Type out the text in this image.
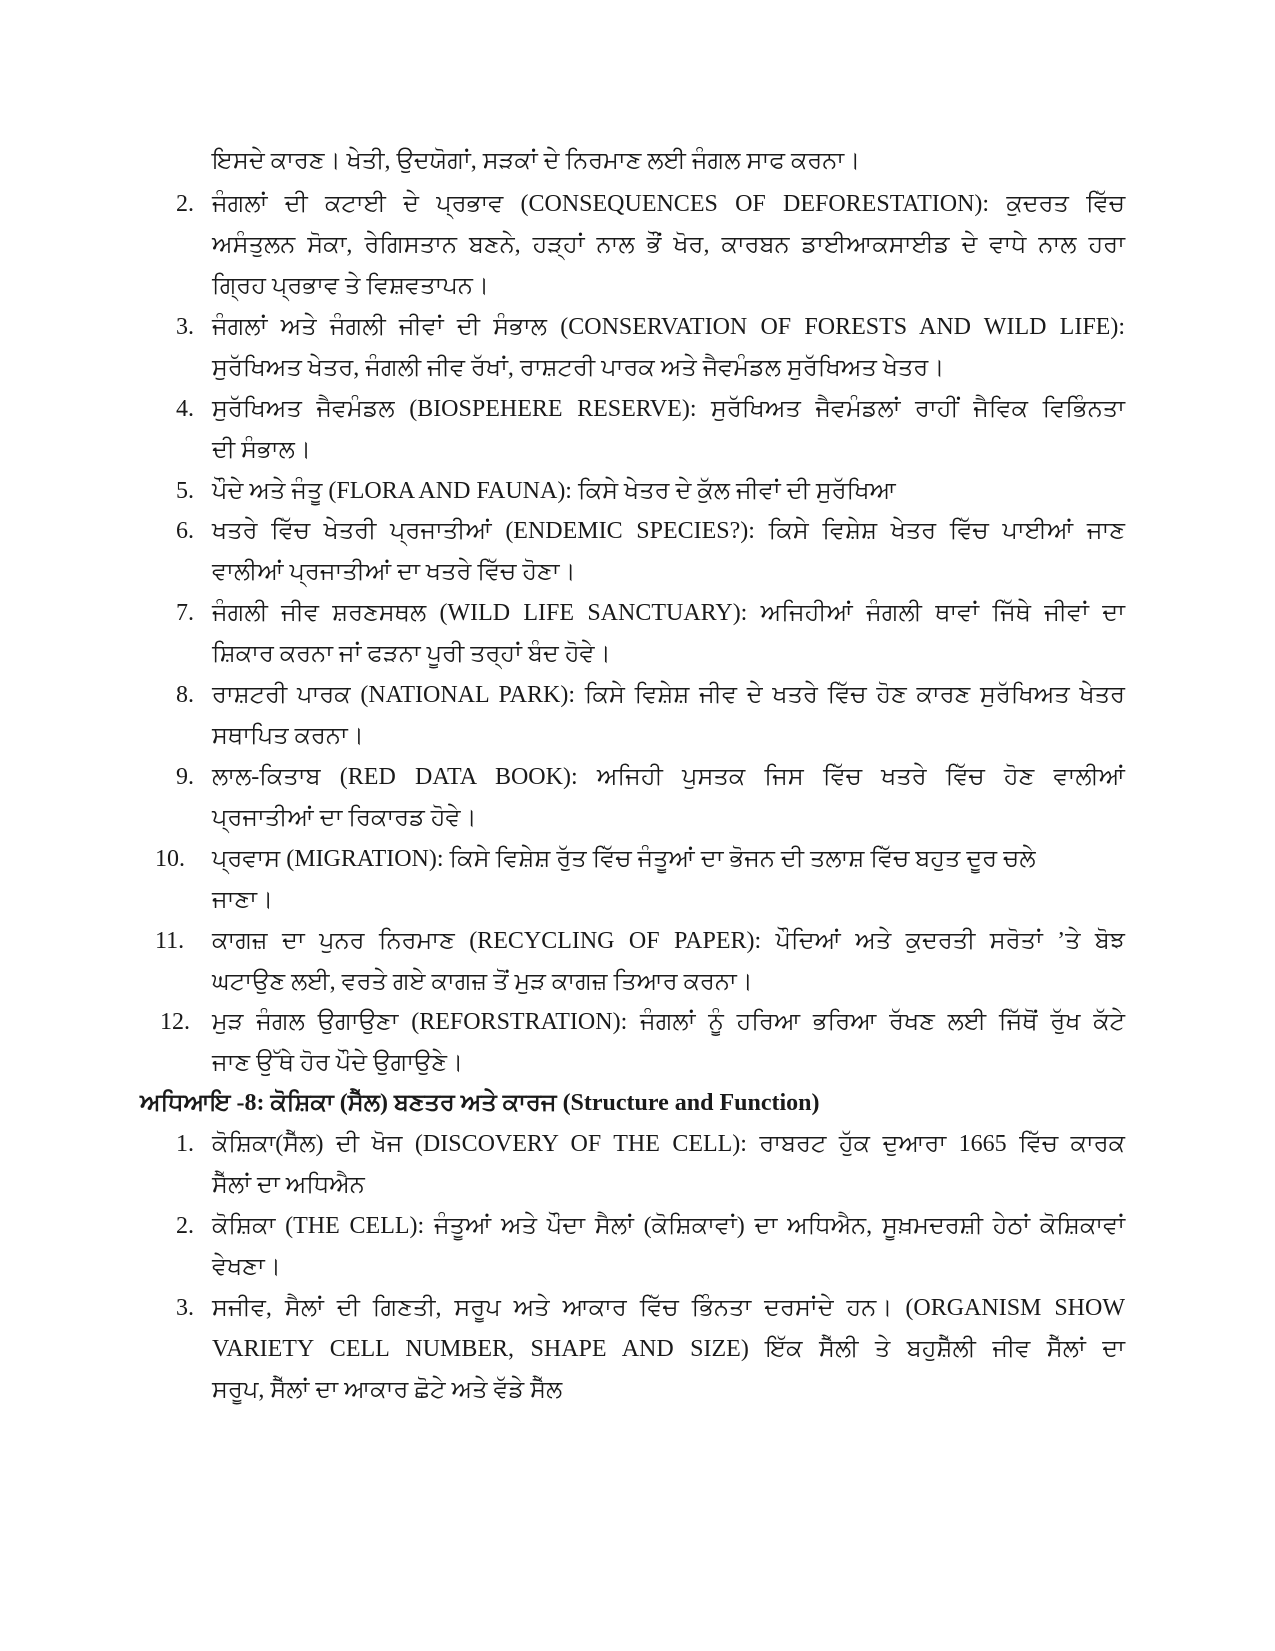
ਇਸਦੇ ਕਾਰਣ। ਖੇਤੀ, ਉਦਯੋਗਾਂ, ਸੜਕਾਂ ਦੇ ਨਿਰਮਾਣ ਲਈ ਜੰਗਲ ਸਾਫ ਕਰਨਾ।
2. ਜੰਗਲਾਂ ਦੀ ਕਟਾਈ ਦੇ ਪ੍ਰਭਾਵ (CONSEQUENCES OF DEFORESTATION): ਕੁਦਰਤ ਵਿੱਚ
ਅਸੰਤੁਲਨ ਸੋਕਾ, ਰੇਗਿਸਤਾਨ ਬਣਨੇ, ਹੜ੍ਹਾਂ ਨਾਲ ਭੌਂ ਖੋਰ, ਕਾਰਬਨ ਡਾਈਆਕਸਾਈਡ ਦੇ ਵਾਧੇ ਨਾਲ ਹਰਾ
ਗ੍ਰਿਹ ਪ੍ਰਭਾਵ ਤੇ ਵਿਸ਼ਵਤਾਪਨ।
3. ਜੰਗਲਾਂ ਅਤੇ ਜੰਗਲੀ ਜੀਵਾਂ ਦੀ ਸੰਭਾਲ (CONSERVATION OF FORESTS AND WILD LIFE):
ਸੁਰੱਖਿਅਤ ਖੇਤਰ, ਜੰਗਲੀ ਜੀਵ ਰੱਖਾਂ, ਰਾਸ਼ਟਰੀ ਪਾਰਕ ਅਤੇ ਜੈਵਮੰਡਲ ਸੁਰੱਖਿਅਤ ਖੇਤਰ।
4. ਸੁਰੱਖਿਅਤ ਜੈਵਮੰਡਲ (BIOSPEHERE RESERVE): ਸੁਰੱਖਿਅਤ ਜੈਵਮੰਡਲਾਂ ਰਾਹੀਂ ਜੈਵਿਕ ਵਿਭਿੰਨਤਾ
ਦੀ ਸੰਭਾਲ।
5. ਪੌਦੇ ਅਤੇ ਜੰਤੂ (FLORA AND FAUNA): ਕਿਸੇ ਖੇਤਰ ਦੇ ਕੁੱਲ ਜੀਵਾਂ ਦੀ ਸੁਰੱਖਿਆ
6. ਖਤਰੇ ਵਿੱਚ ਖੇਤਰੀ ਪ੍ਰਜਾਤੀਆਂ (ENDEMIC SPECIES?): ਕਿਸੇ ਵਿਸ਼ੇਸ਼ ਖੇਤਰ ਵਿੱਚ ਪਾਈਆਂ ਜਾਣ
ਵਾਲੀਆਂ ਪ੍ਰਜਾਤੀਆਂ ਦਾ ਖਤਰੇ ਵਿੱਚ ਹੋਣਾ।
7. ਜੰਗਲੀ ਜੀਵ ਸ਼ਰਣਸਥਲ (WILD LIFE SANCTUARY): ਅਜਿਹੀਆਂ ਜੰਗਲੀ ਥਾਵਾਂ ਜਿੱਥੇ ਜੀਵਾਂ ਦਾ
ਸ਼ਿਕਾਰ ਕਰਨਾ ਜਾਂ ਫੜਨਾ ਪੂਰੀ ਤਰ੍ਹਾਂ ਬੰਦ ਹੋਵੇ।
8. ਰਾਸ਼ਟਰੀ ਪਾਰਕ (NATIONAL PARK): ਕਿਸੇ ਵਿਸ਼ੇਸ਼ ਜੀਵ ਦੇ ਖਤਰੇ ਵਿੱਚ ਹੋਣ ਕਾਰਣ ਸੁਰੱਖਿਅਤ ਖੇਤਰ
ਸਥਾਪਿਤ ਕਰਨਾ।
9. ਲਾਲ-ਕਿਤਾਬ (RED DATA BOOK): ਅਜਿਹੀ ਪੁਸਤਕ ਜਿਸ ਵਿੱਚ ਖਤਰੇ ਵਿੱਚ ਹੋਣ ਵਾਲੀਆਂ
ਪ੍ਰਜਾਤੀਆਂ ਦਾ ਰਿਕਾਰਡ ਹੋਵੇ।
10. ਪ੍ਰਵਾਸ (MIGRATION): ਕਿਸੇ ਵਿਸ਼ੇਸ਼ ਰੁੱਤ ਵਿੱਚ ਜੰਤੂਆਂ ਦਾ ਭੋਜਨ ਦੀ ਤਲਾਸ਼ ਵਿੱਚ ਬਹੁਤ ਦੂਰ ਚਲੇ
ਜਾਣਾ।
11. ਕਾਗਜ਼ ਦਾ ਪੁਨਰ ਨਿਰਮਾਣ (RECYCLING OF PAPER): ਪੌਦਿਆਂ ਅਤੇ ਕੁਦਰਤੀ ਸਰੋਤਾਂ ’ਤੇ ਬੋਝ
ਘਟਾਉਣ ਲਈ, ਵਰਤੇ ਗਏ ਕਾਗਜ਼ ਤੋਂ ਮੁੜ ਕਾਗਜ਼ ਤਿਆਰ ਕਰਨਾ।
12. ਮੁੜ ਜੰਗਲ ਉਗਾਉਣਾ (REFORSTRATION): ਜੰਗਲਾਂ ਨੂੰ ਹਰਿਆ ਭਰਿਆ ਰੱਖਣ ਲਈ ਜਿੱਥੋਂ ਰੁੱਖ ਕੱਟੇ
ਜਾਣ ਉੱਥੇ ਹੋਰ ਪੌਦੇ ਉਗਾਉਣੇ।
ਅਧਿਆਇ -8: ਕੋਸ਼ਿਕਾ (ਸੈੱਲ) ਬਣਤਰ ਅਤੇ ਕਾਰਜ (Structure and Function)
1. ਕੋਸ਼ਿਕਾ(ਸੈੱਲ) ਦੀ ਖੋਜ (DISCOVERY OF THE CELL): ਰਾਬਰਟ ਹੁੱਕ ਦੁਆਰਾ 1665 ਵਿੱਚ ਕਾਰਕ
ਸੈੱਲਾਂ ਦਾ ਅਧਿਐਨ
2. ਕੋਸ਼ਿਕਾ (THE CELL): ਜੰਤੂਆਂ ਅਤੇ ਪੌਦਾ ਸੈਲਾਂ (ਕੋਸ਼ਿਕਾਵਾਂ) ਦਾ ਅਧਿਐਨ, ਸੂਖ਼ਮਦਰਸ਼ੀ ਹੇਠਾਂ ਕੋਸ਼ਿਕਾਵਾਂ
ਵੇਖਣਾ।
3. ਸਜੀਵ, ਸੈਲਾਂ ਦੀ ਗਿਣਤੀ, ਸਰੂਪ ਅਤੇ ਆਕਾਰ ਵਿੱਚ ਭਿੰਨਤਾ ਦਰਸਾਂਦੇ ਹਨ। (ORGANISM SHOW
VARIETY CELL NUMBER, SHAPE AND SIZE) ਇੱਕ ਸੈੱਲੀ ਤੇ ਬਹੁਸ਼ੈੱਲੀ ਜੀਵ ਸੈੱਲਾਂ ਦਾ
ਸਰੂਪ, ਸੈੱਲਾਂ ਦਾ ਆਕਾਰ ਛੋਟੇ ਅਤੇ ਵੱਡੇ ਸੈੱਲ
